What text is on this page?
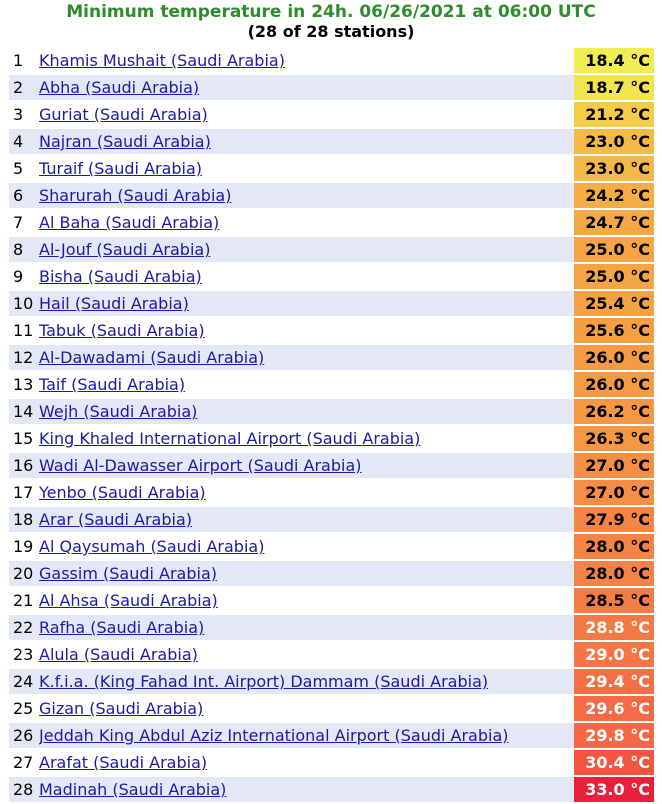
Minimum temperature in 24h. 06/26/2021 at 06:00 UTC
(28 of 28 stations)
1	Khamis Mushait (Saudi Arabia)	18.4 °C
2	Abha (Saudi Arabia)	18.7 °C
3	Guriat (Saudi Arabia)	21.2 °C
4	Najran (Saudi Arabia)	23.0 °C
5	Turaif (Saudi Arabia)	23.0 °C
6	Sharurah (Saudi Arabia)	24.2 °C
7	Al Baha (Saudi Arabia)	24.7 °C
8	Al-Jouf (Saudi Arabia)	25.0 °C
9	Bisha (Saudi Arabia)	25.0 °C
10	Hail (Saudi Arabia)	25.4 °C
11	Tabuk (Saudi Arabia)	25.6 °C
12	Al-Dawadami (Saudi Arabia)	26.0 °C
13	Taif (Saudi Arabia)	26.0 °C
14	Wejh (Saudi Arabia)	26.2 °C
15	King Khaled International Airport (Saudi Arabia)	26.3 °C
16	Wadi Al-Dawasser Airport (Saudi Arabia)	27.0 °C
17	Yenbo (Saudi Arabia)	27.0 °C
18	Arar (Saudi Arabia)	27.9 °C
19	Al Qaysumah (Saudi Arabia)	28.0 °C
20	Gassim (Saudi Arabia)	28.0 °C
21	Al Ahsa (Saudi Arabia)	28.5 °C
22	Rafha (Saudi Arabia)	28.8 °C
23	Alula (Saudi Arabia)	29.0 °C
24	K.f.i.a. (King Fahad Int. Airport) Dammam (Saudi Arabia)	29.4 °C
25	Gizan (Saudi Arabia)	29.6 °C
26	Jeddah King Abdul Aziz International Airport (Saudi Arabia)	29.8 °C
27	Arafat (Saudi Arabia)	30.4 °C
28	Madinah (Saudi Arabia)	33.0 °C
